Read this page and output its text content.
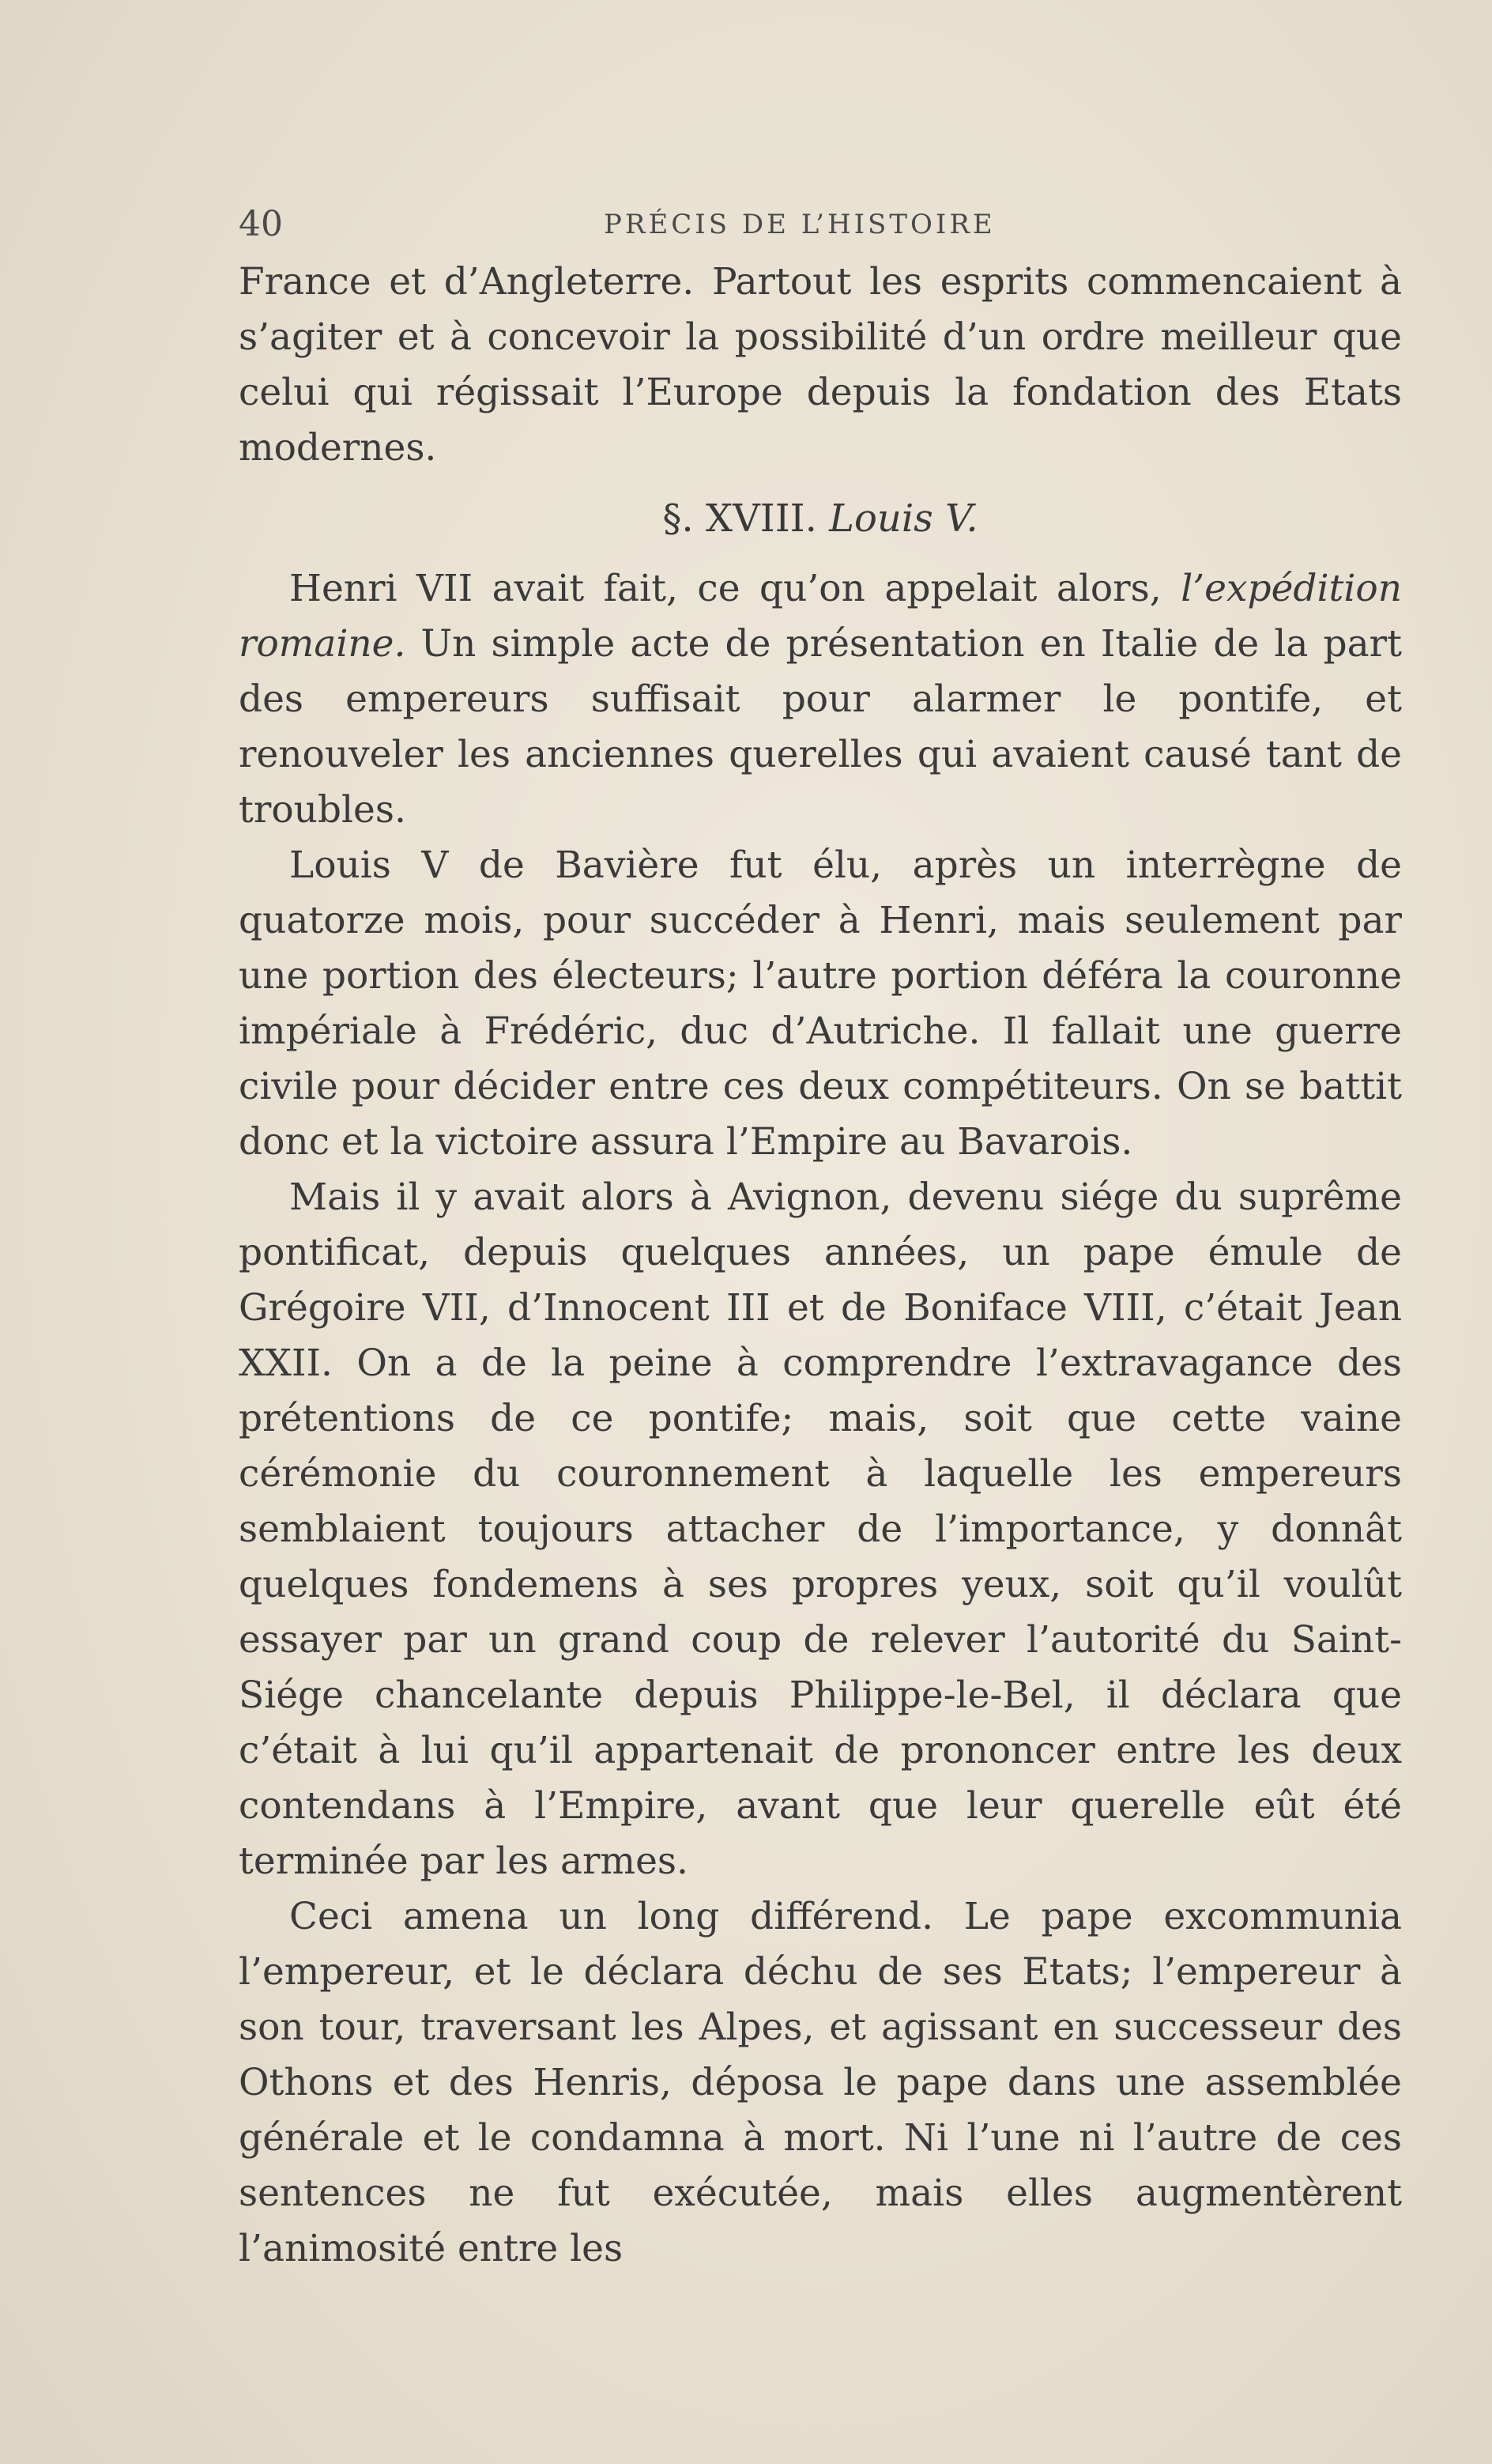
40	PRÉCIS DE L’HISTOIRE

France et d’Angleterre. Partout les esprits commencaient à s’agiter et à concevoir la possibilité d’un ordre meilleur que celui qui régissait l’Europe depuis la fondation des Etats modernes.

§. XVIII. Louis V.

Henri VII avait fait, ce qu’on appelait alors, l’expédition romaine. Un simple acte de présentation en Italie de la part des empereurs suffisait pour alarmer le pontife, et renouveler les anciennes querelles qui avaient causé tant de troubles.

Louis V de Bavière fut élu, après un interrègne de quatorze mois, pour succéder à Henri, mais seulement par une portion des électeurs; l’autre portion déféra la couronne impériale à Frédéric, duc d’Autriche. Il fallait une guerre civile pour décider entre ces deux compétiteurs. On se battit donc et la victoire assura l’Empire au Bavarois.

Mais il y avait alors à Avignon, devenu siége du suprême pontificat, depuis quelques années, un pape émule de Grégoire VII, d’Innocent III et de Boniface VIII, c’était Jean XXII. On a de la peine à comprendre l’extravagance des prétentions de ce pontife; mais, soit que cette vaine cérémonie du couronnement à laquelle les empereurs semblaient toujours attacher de l’importance, y donnât quelques fondemens à ses propres yeux, soit qu’il voulût essayer par un grand coup de relever l’autorité du Saint-Siége chancelante depuis Philippe-le-Bel, il déclara que c’était à lui qu’il appartenait de prononcer entre les deux contendans à l’Empire, avant que leur querelle eût été terminée par les armes.

Ceci amena un long différend. Le pape excommunia l’empereur, et le déclara déchu de ses Etats; l’empereur à son tour, traversant les Alpes, et agissant en successeur des Othons et des Henris, déposa le pape dans une assemblée générale et le condamna à mort. Ni l’une ni l’autre de ces sentences ne fut exécutée, mais elles augmentèrent l’animosité entre les
